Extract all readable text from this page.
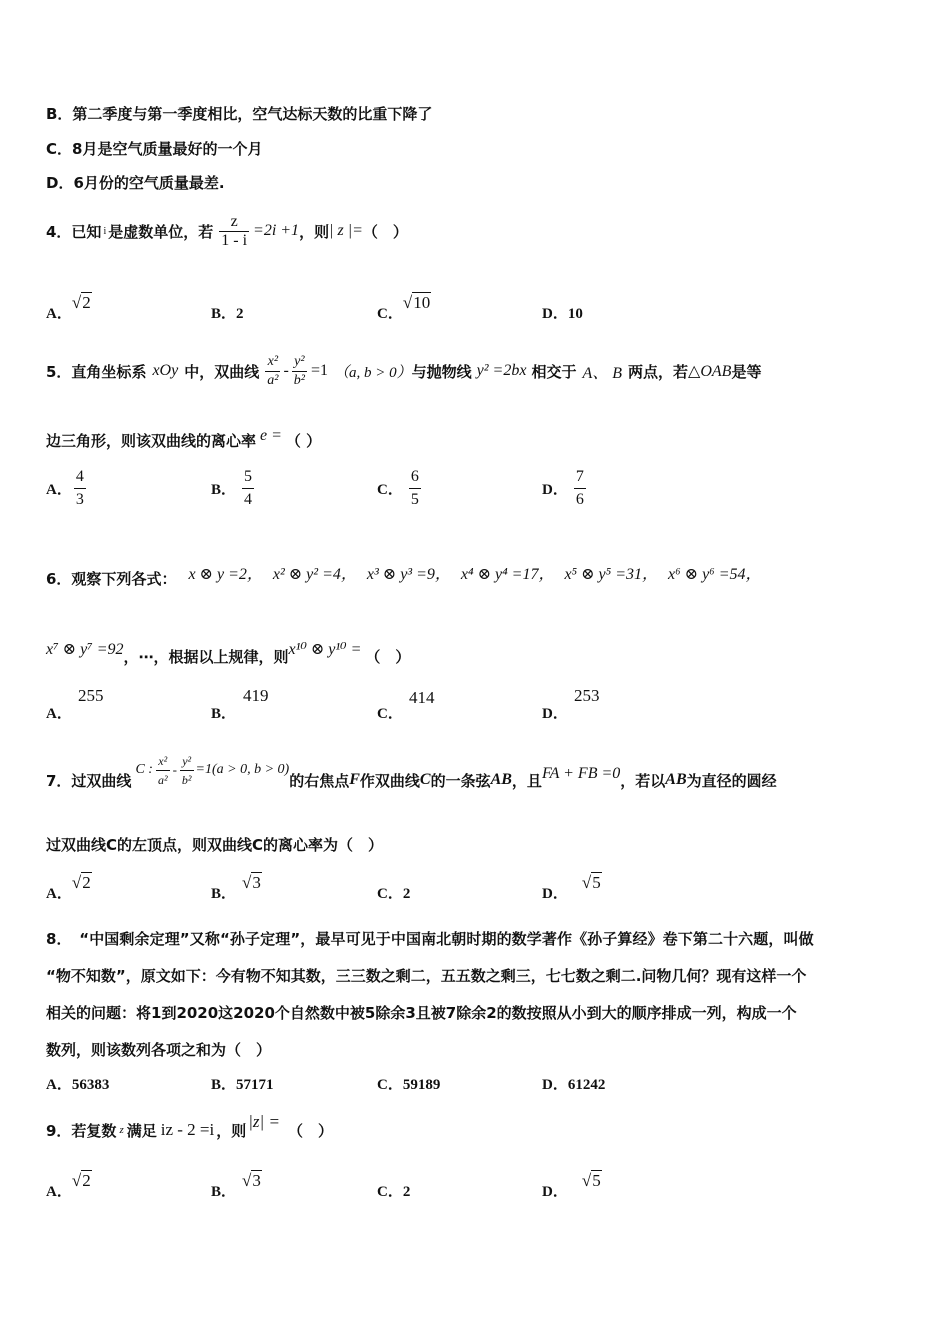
B．第二季度与第一季度相比，空气达标天数的比重下降了
C．8月是空气质量最好的一个月
D．6月份的空气质量最差.
4．已知 i 是虚数单位，若 $\frac{z}{1 - i} =2i +1$ ，则 | z |= （　）
A．
√2
B．2	C．
√10
D．10
5．直角坐标系 xOy 中，双曲线 $\frac{\text{x²}}{\text{a²}} - \frac{\text{y²}}{\text{b²}} =1$ （a, b > 0） 与抛物线 y² =2bx 相交于 A、 B 两点，若 △OAB 是等
边三角形，则该双曲线的离心率 e = （ ）
A． $\frac{4}{3}$	B． $\frac{5}{4}$	C． $\frac{6}{5}$	D． $\frac{7}{6}$
6．观察下列各式： x ⊗ y =2， x² ⊗ y² =4， x³ ⊗ y³ =9， x⁴ ⊗ y⁴ =17， x⁵ ⊗ y⁵ =31， x⁶ ⊗ y⁶ =54，
x⁷ ⊗ y⁷ =92 ，⋯，根据以上规律，则 x¹⁰ ⊗ y¹⁰ = （　）
A．
255
B．
419
C．
414
D．
253
7．过双曲线
C : $\frac{\text{x²}}{\text{a²}} - \frac{\text{y²}}{\text{b²}} =1(a > 0$, b > 0)
的右焦点 F 作双曲线 C 的一条弦 AB ，且 FA + FB =0 ，若以 AB 为直径的圆经
过双曲线C的左顶点，则双曲线C的离心率为（　）
A．
√2
B．
√3
C．2	D．
√5
8．　“中国剩余定理”又称“孙子定理”，最早可见于中国南北朝时期的数学著作《孙子算经》卷下第二十六题，叫做
“物不知数”，原文如下：今有物不知其数，三三数之剩二，五五数之剩三，七七数之剩二.问物几何？现有这样一个
相关的问题：将1到2020这2020个自然数中被5除余3且被7除余2的数按照从小到大的顺序排成一列，构成一个
数列，则该数列各项之和为（　）
A．56383	B．57171	C．59189	D．61242
9．若复数 z 满足 iz - 2 =i ，则 |z| = （　）
A．
√2
B．
√3
C．2	D．
√5
